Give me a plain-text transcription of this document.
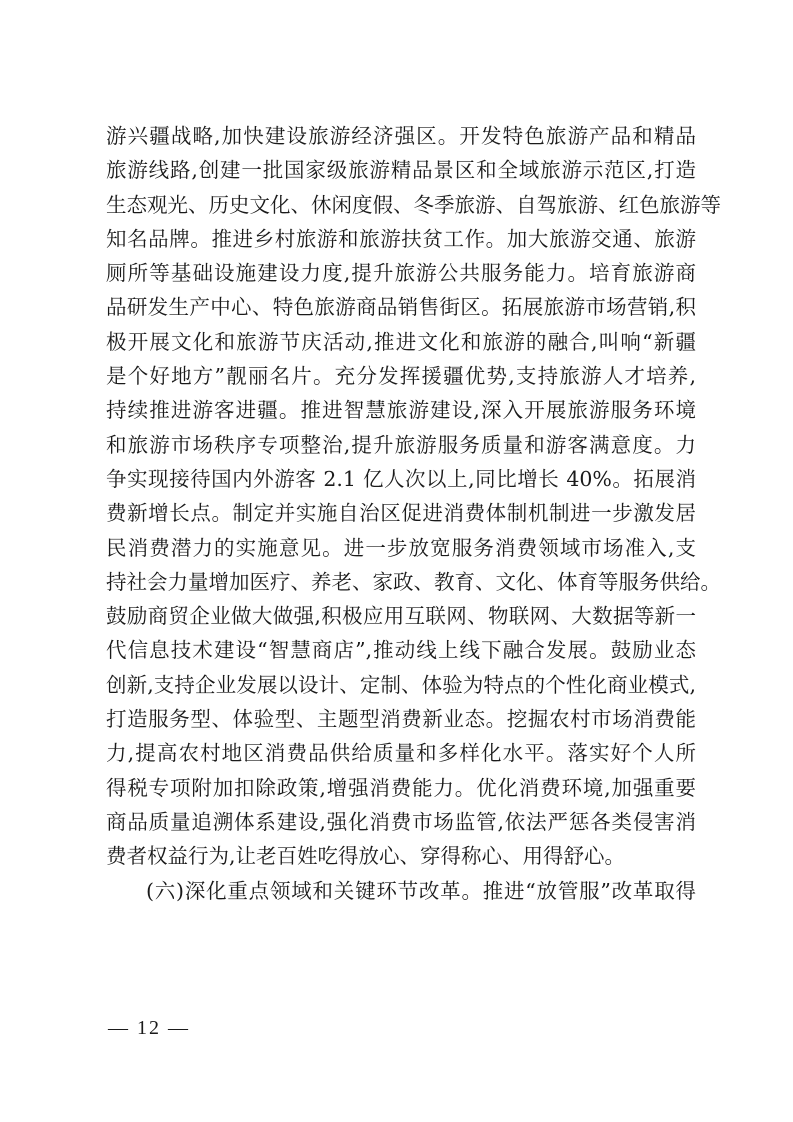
游兴疆战略,加快建设旅游经济强区。开发特色旅游产品和精品
旅游线路,创建一批国家级旅游精品景区和全域旅游示范区,打造
生态观光、历史文化、休闲度假、冬季旅游、自驾旅游、红色旅游等
知名品牌。推进乡村旅游和旅游扶贫工作。加大旅游交通、旅游
厕所等基础设施建设力度,提升旅游公共服务能力。培育旅游商
品研发生产中心、特色旅游商品销售街区。拓展旅游市场营销,积
极开展文化和旅游节庆活动,推进文化和旅游的融合,叫响“新疆
是个好地方”靓丽名片。充分发挥援疆优势,支持旅游人才培养,
持续推进游客进疆。推进智慧旅游建设,深入开展旅游服务环境
和旅游市场秩序专项整治,提升旅游服务质量和游客满意度。力
争实现接待国内外游客 2.1 亿人次以上,同比增长 40%。拓展消
费新增长点。制定并实施自治区促进消费体制机制进一步激发居
民消费潜力的实施意见。进一步放宽服务消费领域市场准入,支
持社会力量增加医疗、养老、家政、教育、文化、体育等服务供给。
鼓励商贸企业做大做强,积极应用互联网、物联网、大数据等新一
代信息技术建设“智慧商店”,推动线上线下融合发展。鼓励业态
创新,支持企业发展以设计、定制、体验为特点的个性化商业模式,
打造服务型、体验型、主题型消费新业态。挖掘农村市场消费能
力,提高农村地区消费品供给质量和多样化水平。落实好个人所
得税专项附加扣除政策,增强消费能力。优化消费环境,加强重要
商品质量追溯体系建设,强化消费市场监管,依法严惩各类侵害消
费者权益行为,让老百姓吃得放心、穿得称心、用得舒心。
(六)深化重点领域和关键环节改革。推进“放管服”改革取得
— 12 —
